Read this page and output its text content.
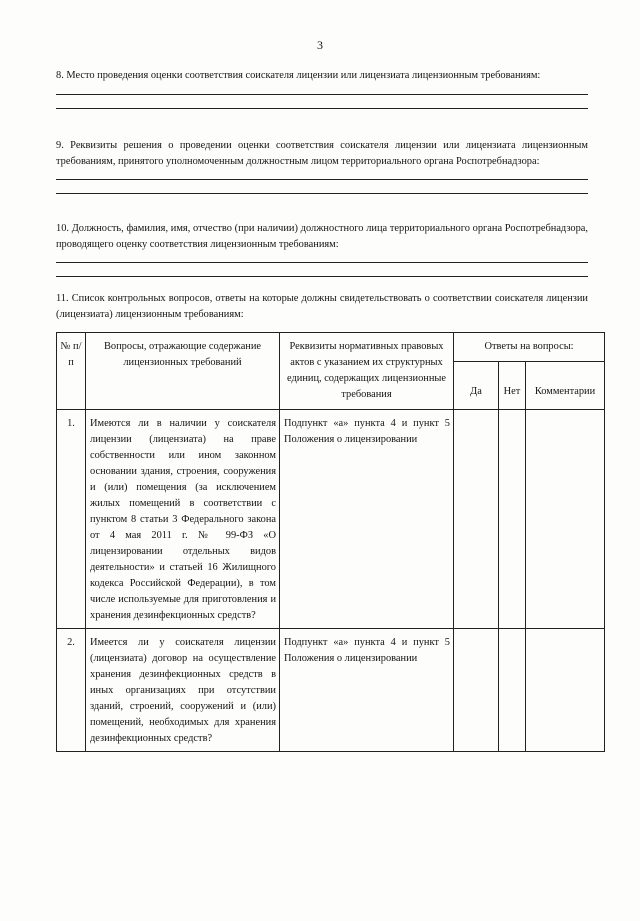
3

8. Место проведения оценки соответствия соискателя лицензии или лицензиата лицензионным требованиям:

9. Реквизиты решения о проведении оценки соответствия соискателя лицензии или лицензиата лицензионным требованиям, принятого уполномоченным должностным лицом территориального органа Роспотребнадзора:

10. Должность, фамилия, имя, отчество (при наличии) должностного лица территориального органа Роспотребнадзора, проводящего оценку соответствия лицензионным требованиям:

11. Список контрольных вопросов, ответы на которые должны свидетельствовать о соответствии соискателя лицензии (лицензиата) лицензионным требованиям:

№ п/п	Вопросы, отражающие содержание лицензионных требований	Реквизиты нормативных правовых актов с указанием их структурных единиц, содержащих лицензионные требования	Ответы на вопросы:		
			Да	Нет	Комментарии
1.	Имеются ли в наличии у соискателя лицензии (лицензиата) на праве собственности или ином законном основании здания, строения, сооружения и (или) помещения (за исключением жилых помещений в соответствии с пунктом 8 статьи 3 Федерального закона от 4 мая 2011 г. № 99-ФЗ «О лицензировании отдельных видов деятельности» и статьей 16 Жилищного кодекса Российской Федерации), в том числе используемые для приготовления и хранения дезинфекционных средств?	Подпункт «а» пункта 4 и пункт 5 Положения о лицензировании			
2.	Имеется ли у соискателя лицензии (лицензиата) договор на осуществление хранения дезинфекционных средств в иных организациях при отсутствии зданий, строений, сооружений и (или) помещений, необходимых для хранения дезинфекционных средств?	Подпункт «а» пункта 4 и пункт 5 Положения о лицензировании			
